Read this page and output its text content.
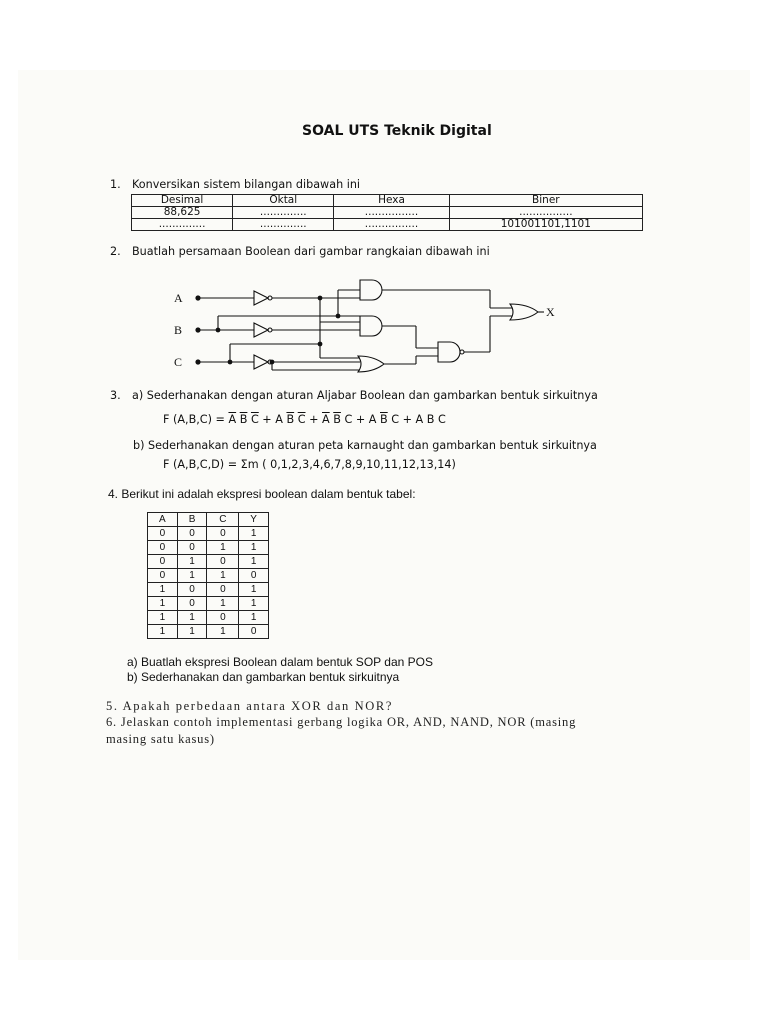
SOAL UTS Teknik Digital
1. Konversikan sistem bilangan dibawah ini
Desimal	Oktal	Hexa	Biner
88,625	..............	................	................
..............	..............	................	101001101,1101
2. Buatlah persamaan Boolean dari gambar rangkaian dibawah ini
A
B
C
X
3. a) Sederhanakan dengan aturan Aljabar Boolean dan gambarkan bentuk sirkuitnya
F $(A,B,C) = \overline{A}$ $\overline{B}$ $\overline{C} + A$ $\overline{B}$ $\overline{C} + \overline{A}$ $\overline{B}$ C + A $\overline{B}$ C + A B C
b) Sederhanakan dengan aturan peta karnaught dan gambarkan bentuk sirkuitnya
F (A,B,C,D) = Σm ( 0,1,2,3,4,6,7,8,9,10,11,12,13,14)
4. Berikut ini adalah ekspresi boolean dalam bentuk tabel:
A	B	C	Y
0	0	0	1
0	0	1	1
0	1	0	1
0	1	1	0
1	0	0	1
1	0	1	1
1	1	0	1
1	1	1	0
a) Buatlah ekspresi Boolean dalam bentuk SOP dan POS
b) Sederhanakan dan gambarkan bentuk sirkuitnya
5. Apakah perbedaan antara XOR dan NOR?
6. Jelaskan contoh implementasi gerbang logika OR, AND, NAND, NOR (masing
masing satu kasus)
